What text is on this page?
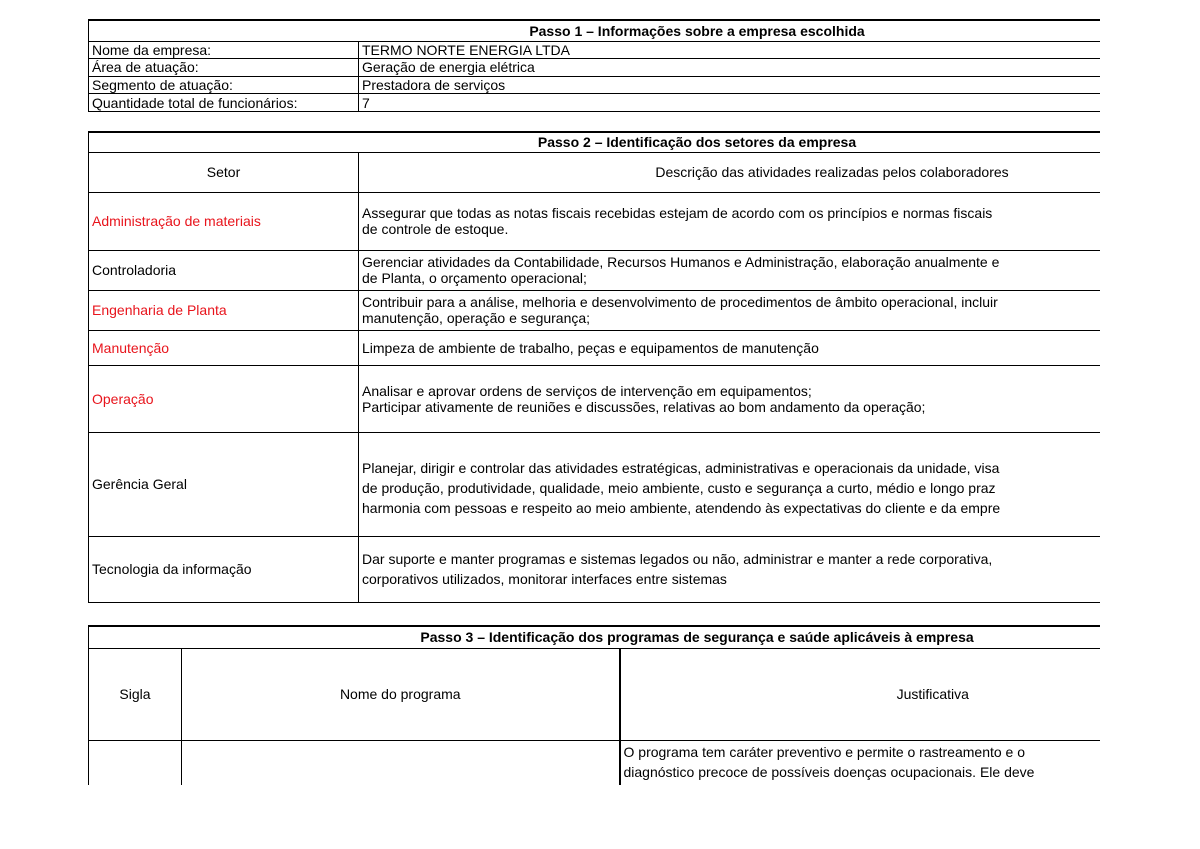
Passo 1 – Informações sobre a empresa escolhida	
Nome da empresa:	TERMO NORTE ENERGIA LTDA
Área de atuação:	Geração de energia elétrica
Segmento de atuação:	Prestadora de serviços
Quantidade total de funcionários:	7
Passo 2 – Identificação dos setores da empresa	
Setor	Descrição das atividades realizadas pelos colaboradores
Administração de materiais	Assegurar que todas as notas fiscais recebidas estejam de acordo com os princípios e normas fiscais
de controle de estoque.

Controladoria	Gerenciar atividades da Contabilidade, Recursos Humanos e Administração, elaboração anualmente e
de Planta, o orçamento operacional;

Engenharia de Planta	Contribuir para a análise, melhoria e desenvolvimento de procedimentos de âmbito operacional, incluir
manutenção, operação e segurança;

Manutenção	Limpeza de ambiente de trabalho, peças e equipamentos de manutenção

Operação	Analisar e aprovar ordens de serviços de intervenção em equipamentos;
Participar ativamente de reuniões e discussões, relativas ao bom andamento da operação;

Gerência Geral	Planejar, dirigir e controlar das atividades estratégicas, administrativas e operacionais da unidade, visa
de produção, produtividade, qualidade, meio ambiente, custo e segurança a curto, médio e longo praz
harmonia com pessoas e respeito ao meio ambiente, atendendo às expectativas do cliente e da empre

Tecnologia da informação	Dar suporte e manter programas e sistemas legados ou não, administrar e manter a rede corporativa,
corporativos utilizados, monitorar interfaces entre sistemas
Passo 3 – Identificação dos programas de segurança e saúde aplicáveis à empresa		
Sigla	Nome do programa	Justificativa

		O programa tem caráter preventivo e permite o rastreamento e o
diagnóstico precoce de possíveis doenças ocupacionais. Ele deve
